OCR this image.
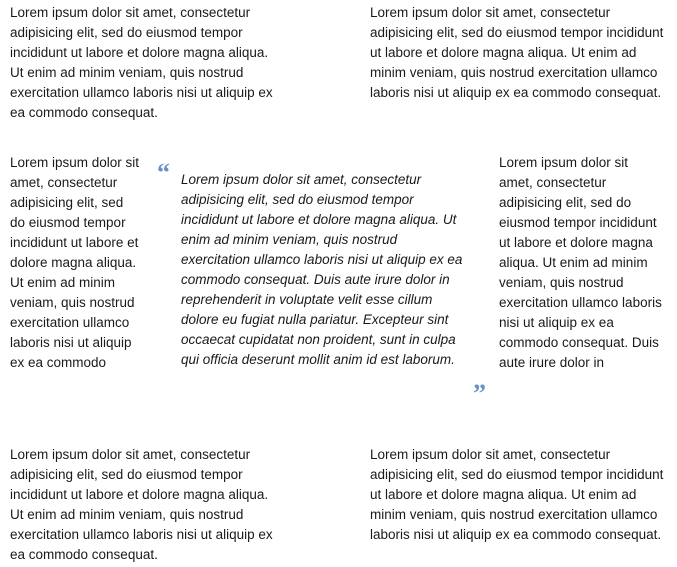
Lorem ipsum dolor sit amet, consectetur adipisicing elit, sed do eiusmod tempor incididunt ut labore et dolore magna aliqua. Ut enim ad minim veniam, quis nostrud exercitation ullamco laboris nisi ut aliquip ex ea commodo consequat.

Lorem ipsum dolor sit amet, consectetur adipisicing elit, sed do eiusmod tempor incididunt ut labore et dolore magna aliqua. Ut enim ad minim veniam, quis nostrud exercitation ullamco laboris nisi ut aliquip ex ea commodo consequat.

Lorem ipsum dolor sit amet, consectetur adipisicing elit, sed do eiusmod tempor incididunt ut labore et dolore magna aliqua. Ut enim ad minim veniam, quis nostrud exercitation ullamco laboris nisi ut aliquip ex ea commodo

“ Lorem ipsum dolor sit amet, consectetur adipisicing elit, sed do eiusmod tempor incididunt ut labore et dolore magna aliqua. Ut enim ad minim veniam, quis nostrud exercitation ullamco laboris nisi ut aliquip ex ea commodo consequat. Duis aute irure dolor in reprehenderit in voluptate velit esse cillum dolore eu fugiat nulla pariatur. Excepteur sint occaecat cupidatat non proident, sunt in culpa qui officia deserunt mollit anim id est laborum.

”

Lorem ipsum dolor sit amet, consectetur adipisicing elit, sed do eiusmod tempor incididunt ut labore et dolore magna aliqua. Ut enim ad minim veniam, quis nostrud exercitation ullamco laboris nisi ut aliquip ex ea commodo consequat. Duis aute irure dolor in

Lorem ipsum dolor sit amet, consectetur adipisicing elit, sed do eiusmod tempor incididunt ut labore et dolore magna aliqua. Ut enim ad minim veniam, quis nostrud exercitation ullamco laboris nisi ut aliquip ex ea commodo consequat.

Lorem ipsum dolor sit amet, consectetur adipisicing elit, sed do eiusmod tempor incididunt ut labore et dolore magna aliqua. Ut enim ad minim veniam, quis nostrud exercitation ullamco laboris nisi ut aliquip ex ea commodo consequat.
